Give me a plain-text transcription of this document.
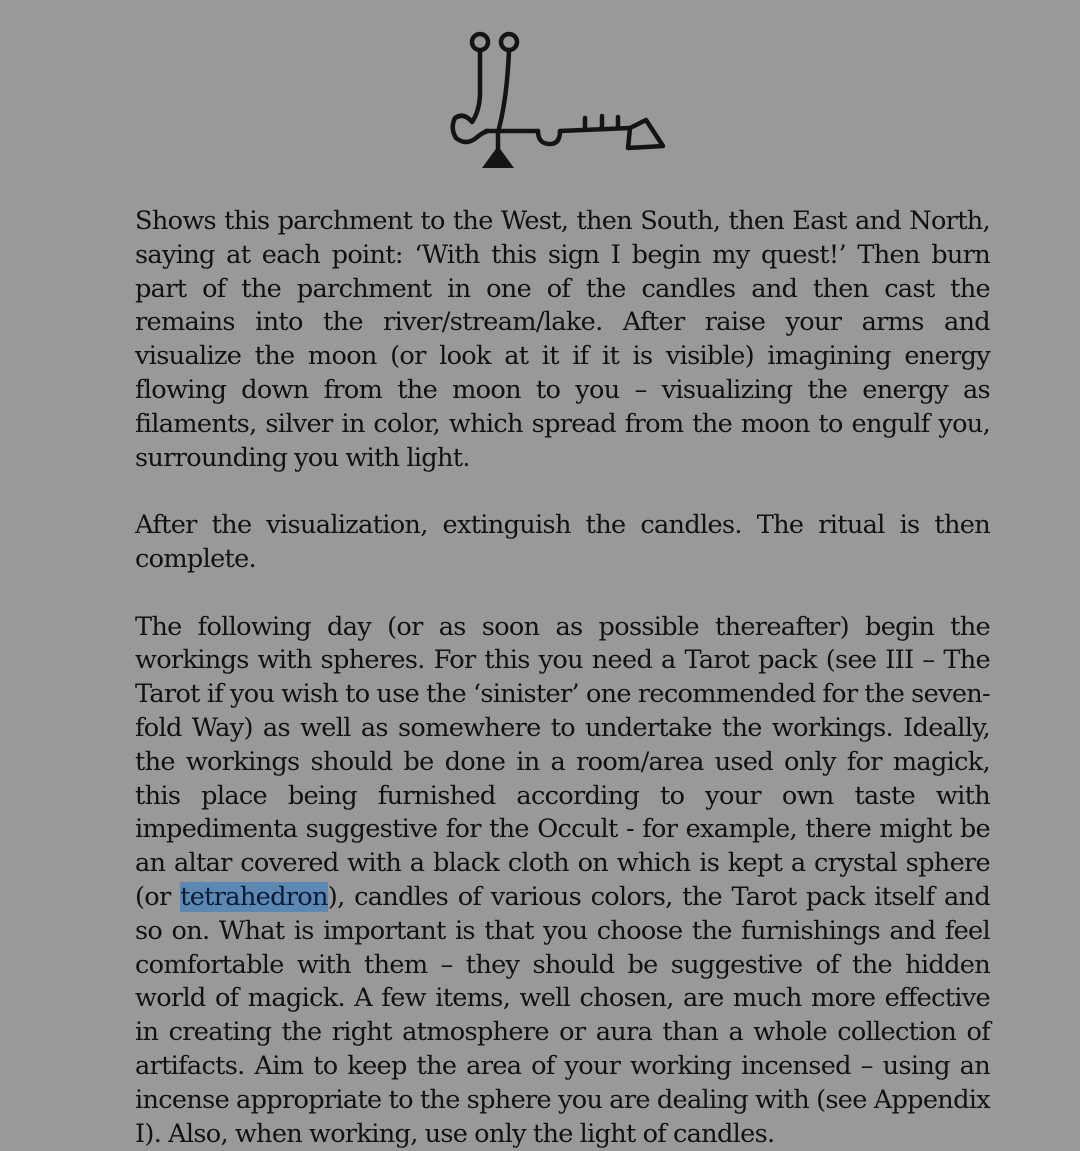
Shows this parchment to the West, then South, then East and North, saying at each point: ‘With this sign I begin my quest!’ Then burn part of the parchment in one of the candles and then cast the remains into the river/stream/lake. After raise your arms and visualize the moon (or look at it if it is visible) imagining energy flowing down from the moon to you – visualizing the energy as filaments, silver in color, which spread from the moon to engulf you, surrounding you with light.

After the visualization, extinguish the candles. The ritual is then complete.

The following day (or as soon as possible thereafter) begin the workings with spheres. For this you need a Tarot pack (see III – The Tarot if you wish to use the ‘sinister’ one recommended for the seven-fold Way) as well as somewhere to undertake the workings. Ideally, the workings should be done in a room/area used only for magick, this place being furnished according to your own taste with impedimenta suggestive for the Occult - for example, there might be an altar covered with a black cloth on which is kept a crystal sphere (or tetrahedron), candles of various colors, the Tarot pack itself and so on. What is important is that you choose the furnishings and feel comfortable with them – they should be suggestive of the hidden world of magick. A few items, well chosen, are much more effective in creating the right atmosphere or aura than a whole collection of artifacts. Aim to keep the area of your working incensed – using an incense appropriate to the sphere you are dealing with (see Appendix I). Also, when working, use only the light of candles.
